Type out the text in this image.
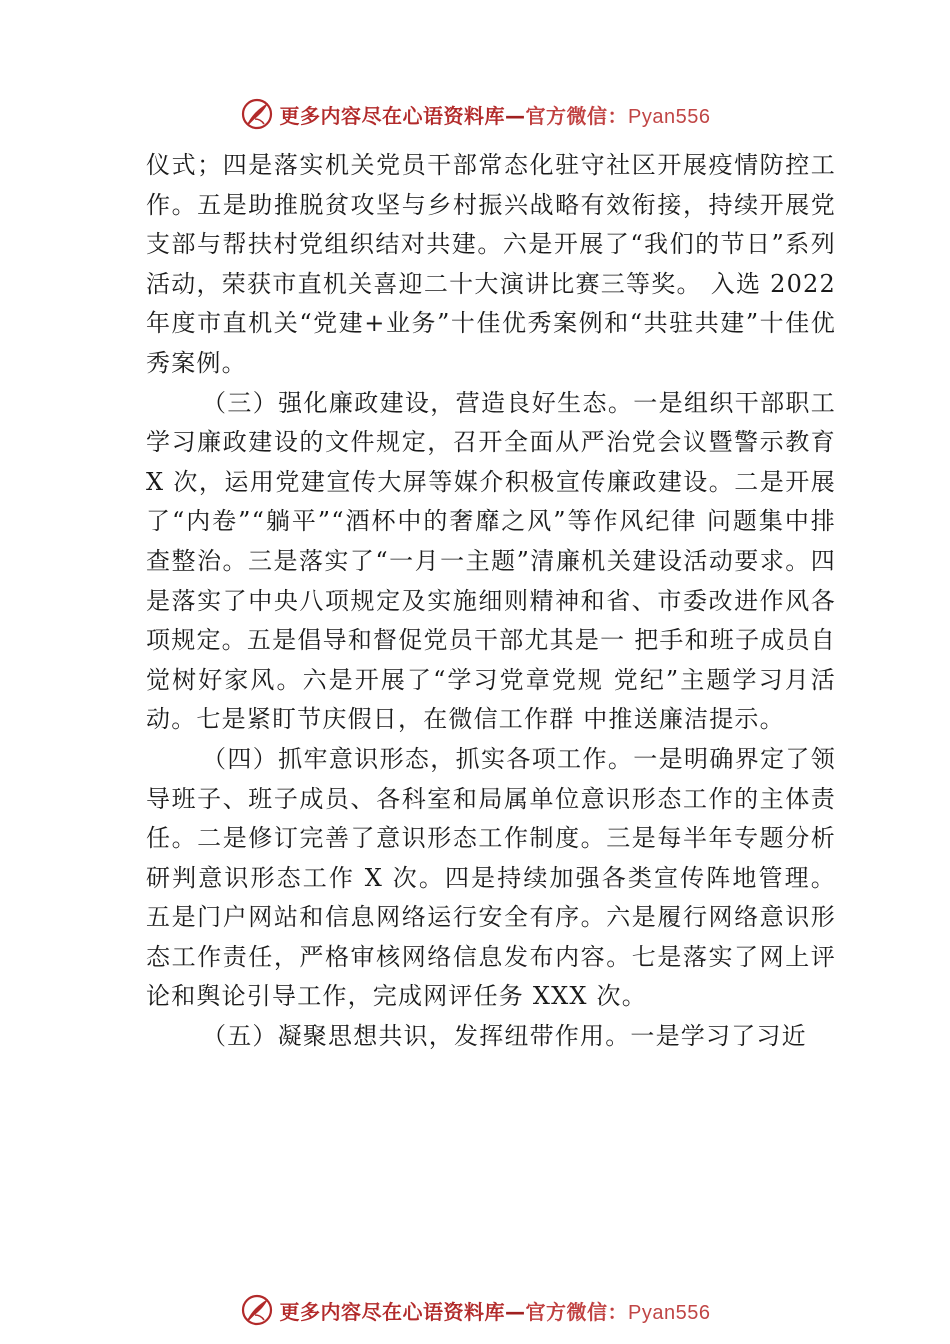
更多内容尽在心语资料库—官方微信：Pyan556

仪式；四是落实机关党员干部常态化驻守社区开展疫情防控工作。五是助推脱贫攻坚与乡村振兴战略有效衔接，持续开展党支部与帮扶村党组织结对共建。六是开展了“我们的节日”系列活动，荣获市直机关喜迎二十大演讲比赛三等奖。 入选 2022 年度市直机关“党建+业务”十佳优秀案例和“共驻共建”十佳优秀案例。

（三）强化廉政建设，营造良好生态。一是组织干部职工学习廉政建设的文件规定，召开全面从严治党会议暨警示教育 X 次，运用党建宣传大屏等媒介积极宣传廉政建设。二是开展了“内卷”“躺平”“酒杯中的奢靡之风”等作风纪律 问题集中排查整治。三是落实了“一月一主题”清廉机关建设活动要求。四是落实了中央八项规定及实施细则精神和省、市委改进作风各项规定。五是倡导和督促党员干部尤其是一 把手和班子成员自觉树好家风。六是开展了“学习党章党规 党纪”主题学习月活动。七是紧盯节庆假日，在微信工作群 中推送廉洁提示。

（四）抓牢意识形态，抓实各项工作。一是明确界定了领导班子、班子成员、各科室和局属单位意识形态工作的主体责任。二是修订完善了意识形态工作制度。三是每半年专题分析研判意识形态工作 X 次。四是持续加强各类宣传阵地管理。五是门户网站和信息网络运行安全有序。六是履行网络意识形态工作责任，严格审核网络信息发布内容。七是落实了网上评论和舆论引导工作，完成网评任务 XXX 次。

（五）凝聚思想共识，发挥纽带作用。一是学习了习近

更多内容尽在心语资料库—官方微信：Pyan556
